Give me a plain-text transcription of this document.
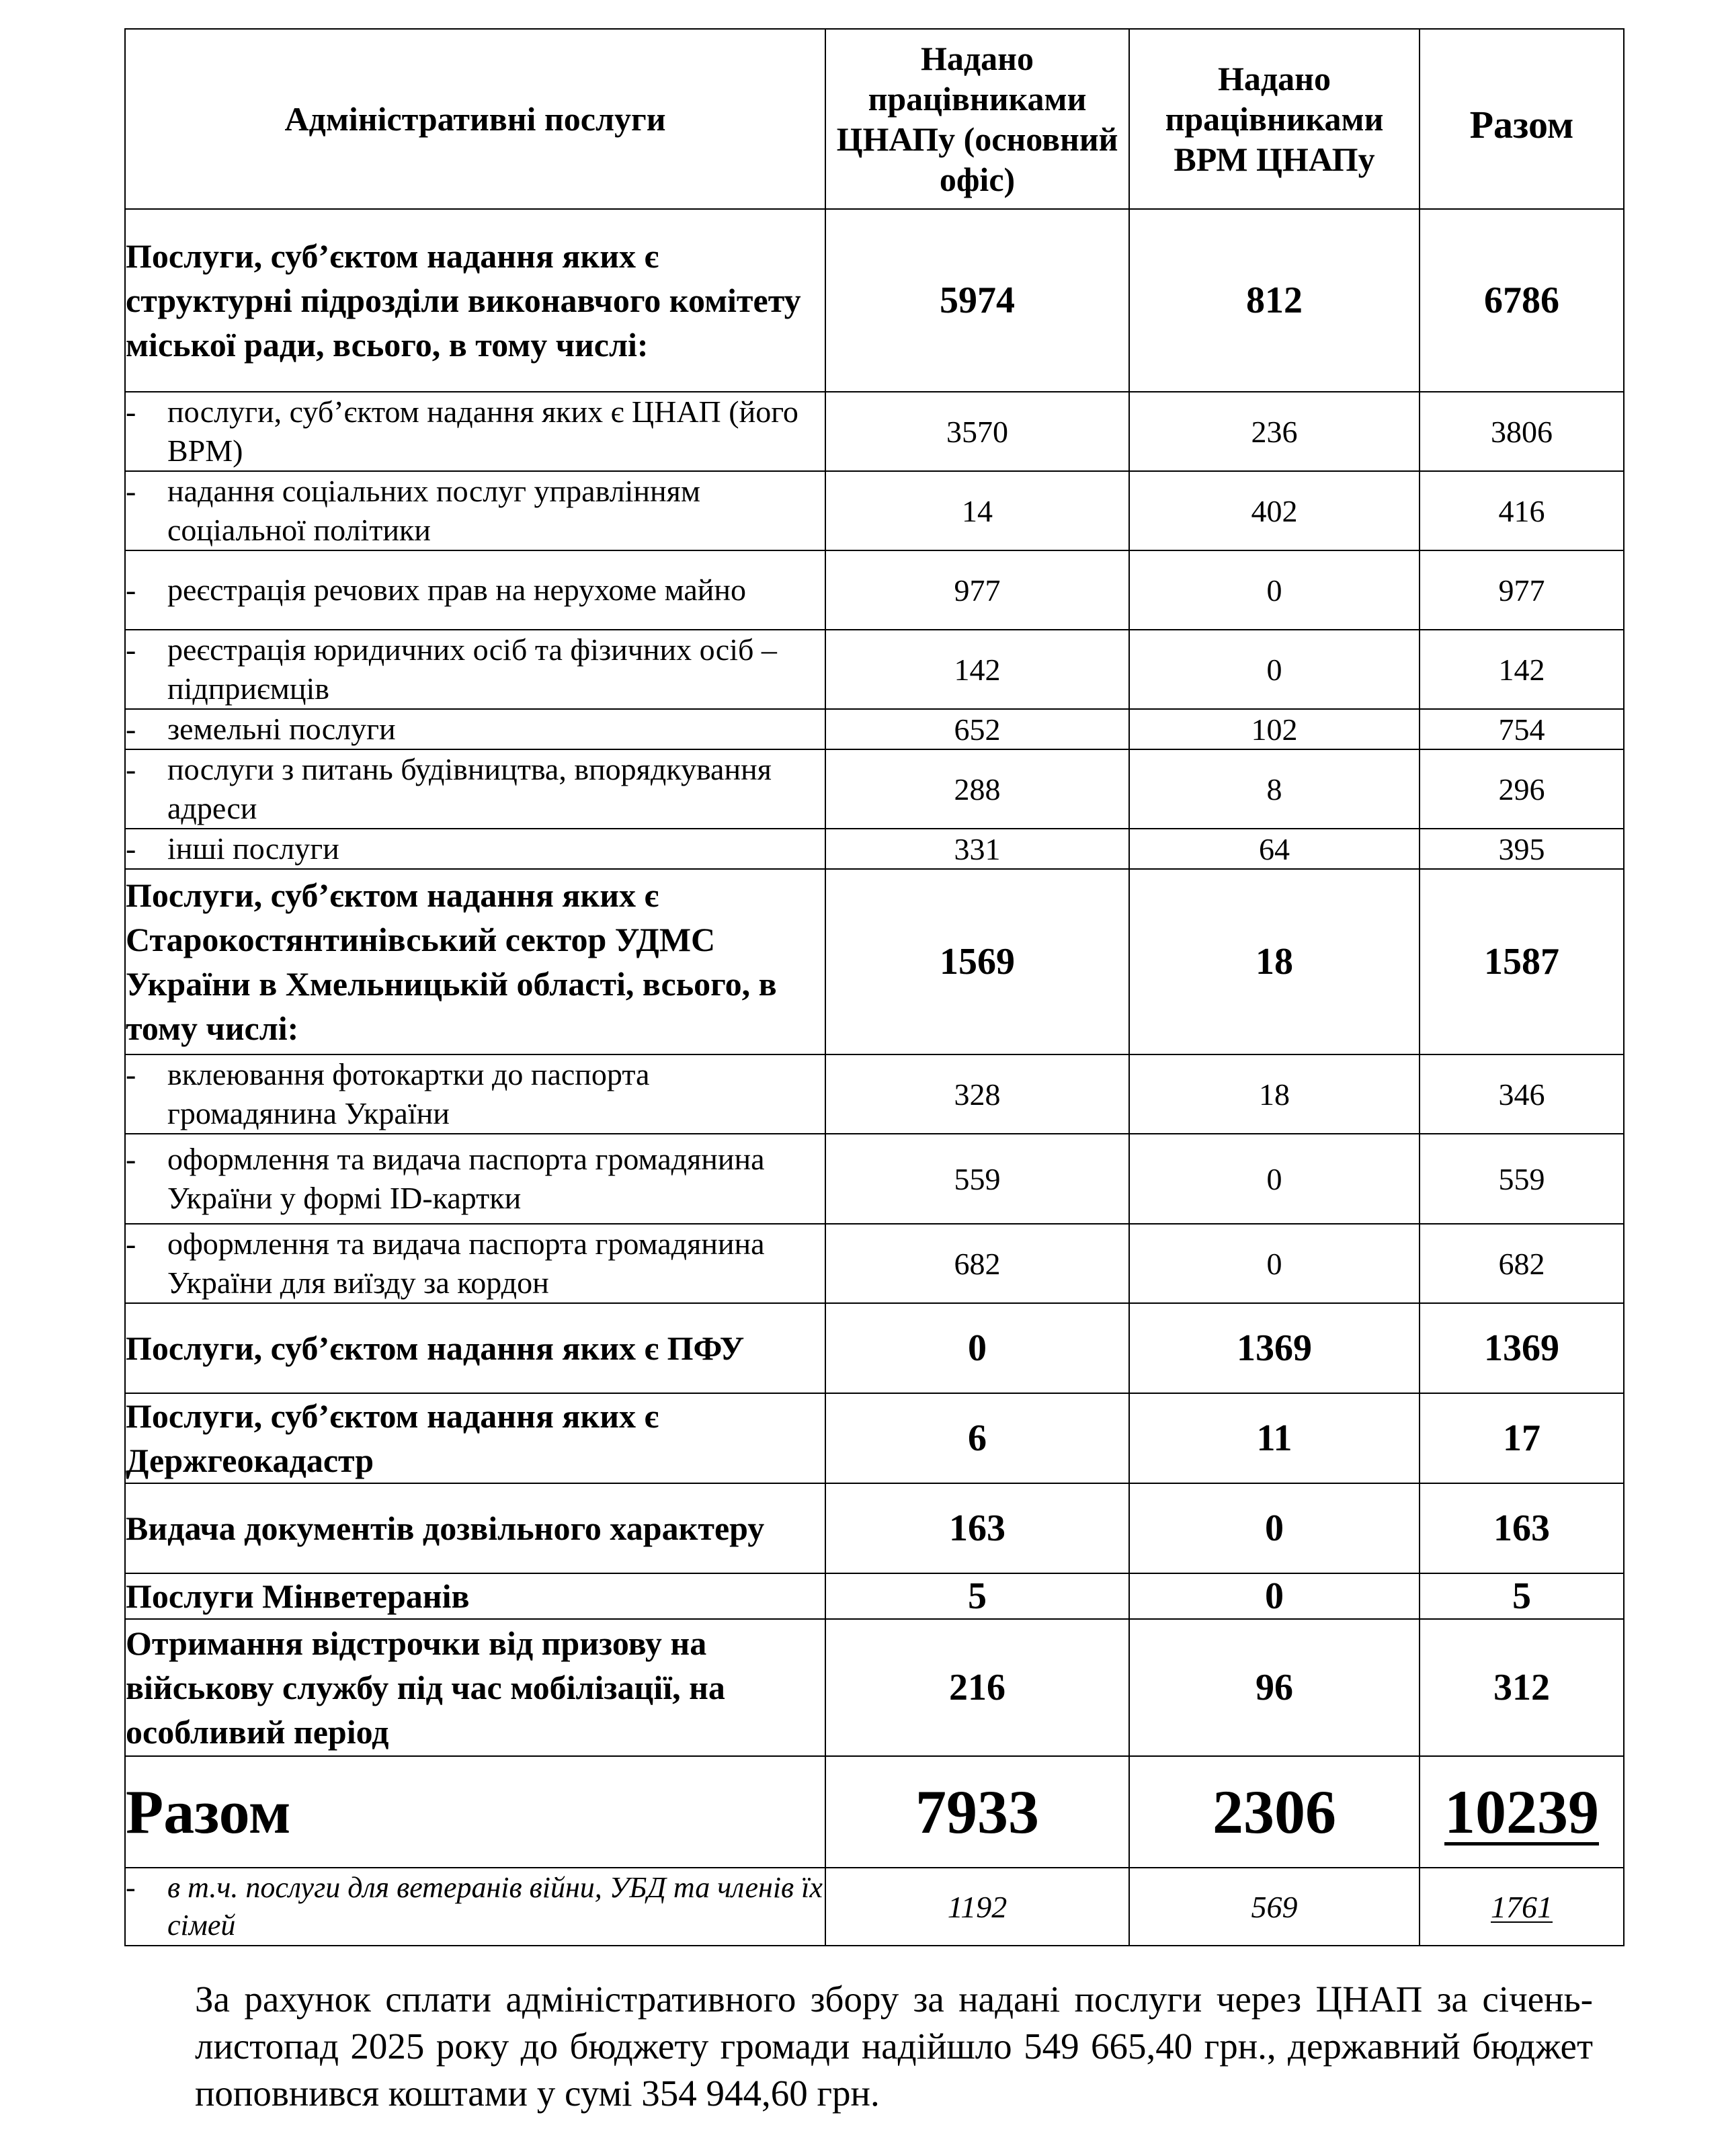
Адміністративні послуги	Надано працівниками ЦНАПу (основний офіс)	Надано працівниками ВРМ ЦНАПу	Разом
Послуги, суб’єктом надання яких є структурні підрозділи виконавчого комітету міської ради, всього, в тому числі:	5974	812	6786

- послуги, суб’єктом надання яких є ЦНАП (його ВРМ)	3570	236	3806

- надання соціальних послуг управлінням соціальної політики	14	402	416

- реєстрація речових прав на нерухоме майно	977	0	977

- реєстрація юридичних осіб та фізичних осіб – підприємців	142	0	142

- земельні послуги	652	102	754

- послуги з питань будівництва, впорядкування адреси	288	8	296

- інші послуги	331	64	395
Послуги, суб’єктом надання яких є Старокостянтинівський сектор УДМС України в Хмельницькій області, всього, в тому числі:	1569	18	1587

- вклеювання фотокартки до паспорта громадянина України	328	18	346

- оформлення та видача паспорта громадянина України у формі ID-картки	559	0	559

- оформлення та видача паспорта громадянина України для виїзду за кордон	682	0	682
Послуги, суб’єктом надання яких є ПФУ	0	1369	1369
Послуги, суб’єктом надання яких є Держгеокадастр	6	11	17
Видача документів дозвільного характеру	163	0	163
Послуги Мінветеранів	5	0	5
Отримання відстрочки від призову на військову службу під час мобілізації, на особливий період	216	96	312
Разом	7933	2306	10239

- в т.ч. послуги для ветеранів війни, УБД та членів їх сімей	1192	569	1761

За рахунок сплати адміністративного збору за надані послуги через ЦНАП за січень-листопад 2025 року до бюджету громади надійшло 549 665,40 грн., державний бюджет поповнився коштами у сумі 354 944,60 грн.
